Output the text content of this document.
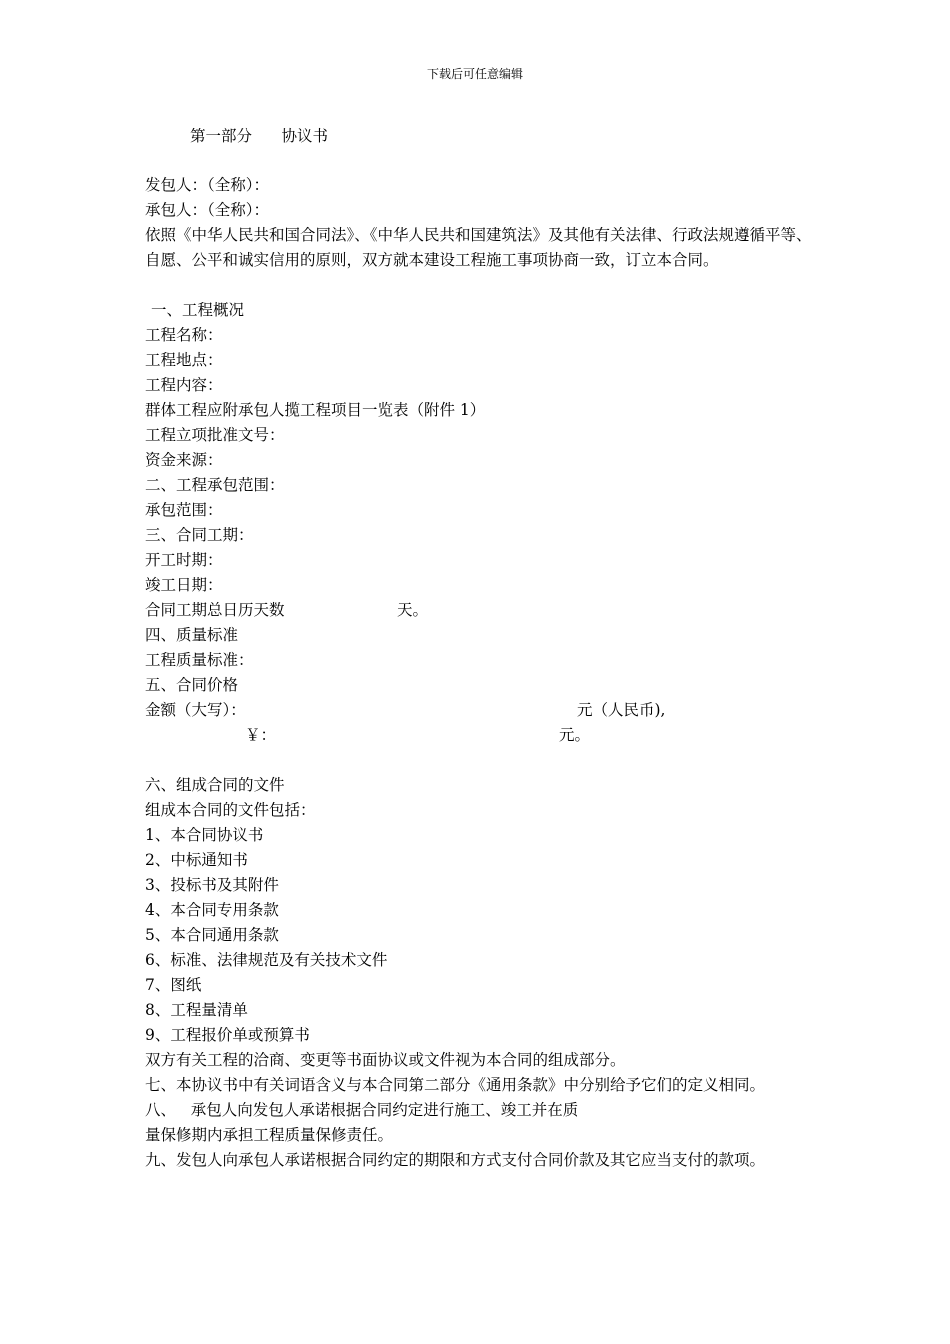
下载后可任意编辑
第一部分      协议书
发包人：（全称）：
承包人：（全称）：
依照《中华人民共和国合同法》、《中华人民共和国建筑法》及其他有关法律、行政法规遵循平等、自愿、公平和诚实信用的原则，双方就本建设工程施工事项协商一致，订立本合同。
一、工程概况
工程名称：
工程地点：
工程内容：
群体工程应附承包人揽工程项目一览表（附件 1）
工程立项批准文号：
资金来源：
二、工程承包范围：
承包范围：
三、合同工期：
开工时期：
竣工日期：
合同工期总日历天数	天。
四、质量标准
工程质量标准：
五、合同价格
金额（大写）：	元（人民币),
￥：	元。
六、组成合同的文件
组成本合同的文件包括：
1、本合同协议书
2、中标通知书
3、投标书及其附件
4、本合同专用条款
5、本合同通用条款
6、标准、法律规范及有关技术文件
7、图纸
8、工程量清单
9、工程报价单或预算书
双方有关工程的洽商、变更等书面协议或文件视为本合同的组成部分。
七、本协议书中有关词语含义与本合同第二部分《通用条款》中分别给予它们的定义相同。
八、   承包人向发包人承诺根据合同约定进行施工、竣工并在质
量保修期内承担工程质量保修责任。
九、发包人向承包人承诺根据合同约定的期限和方式支付合同价款及其它应当支付的款项。
